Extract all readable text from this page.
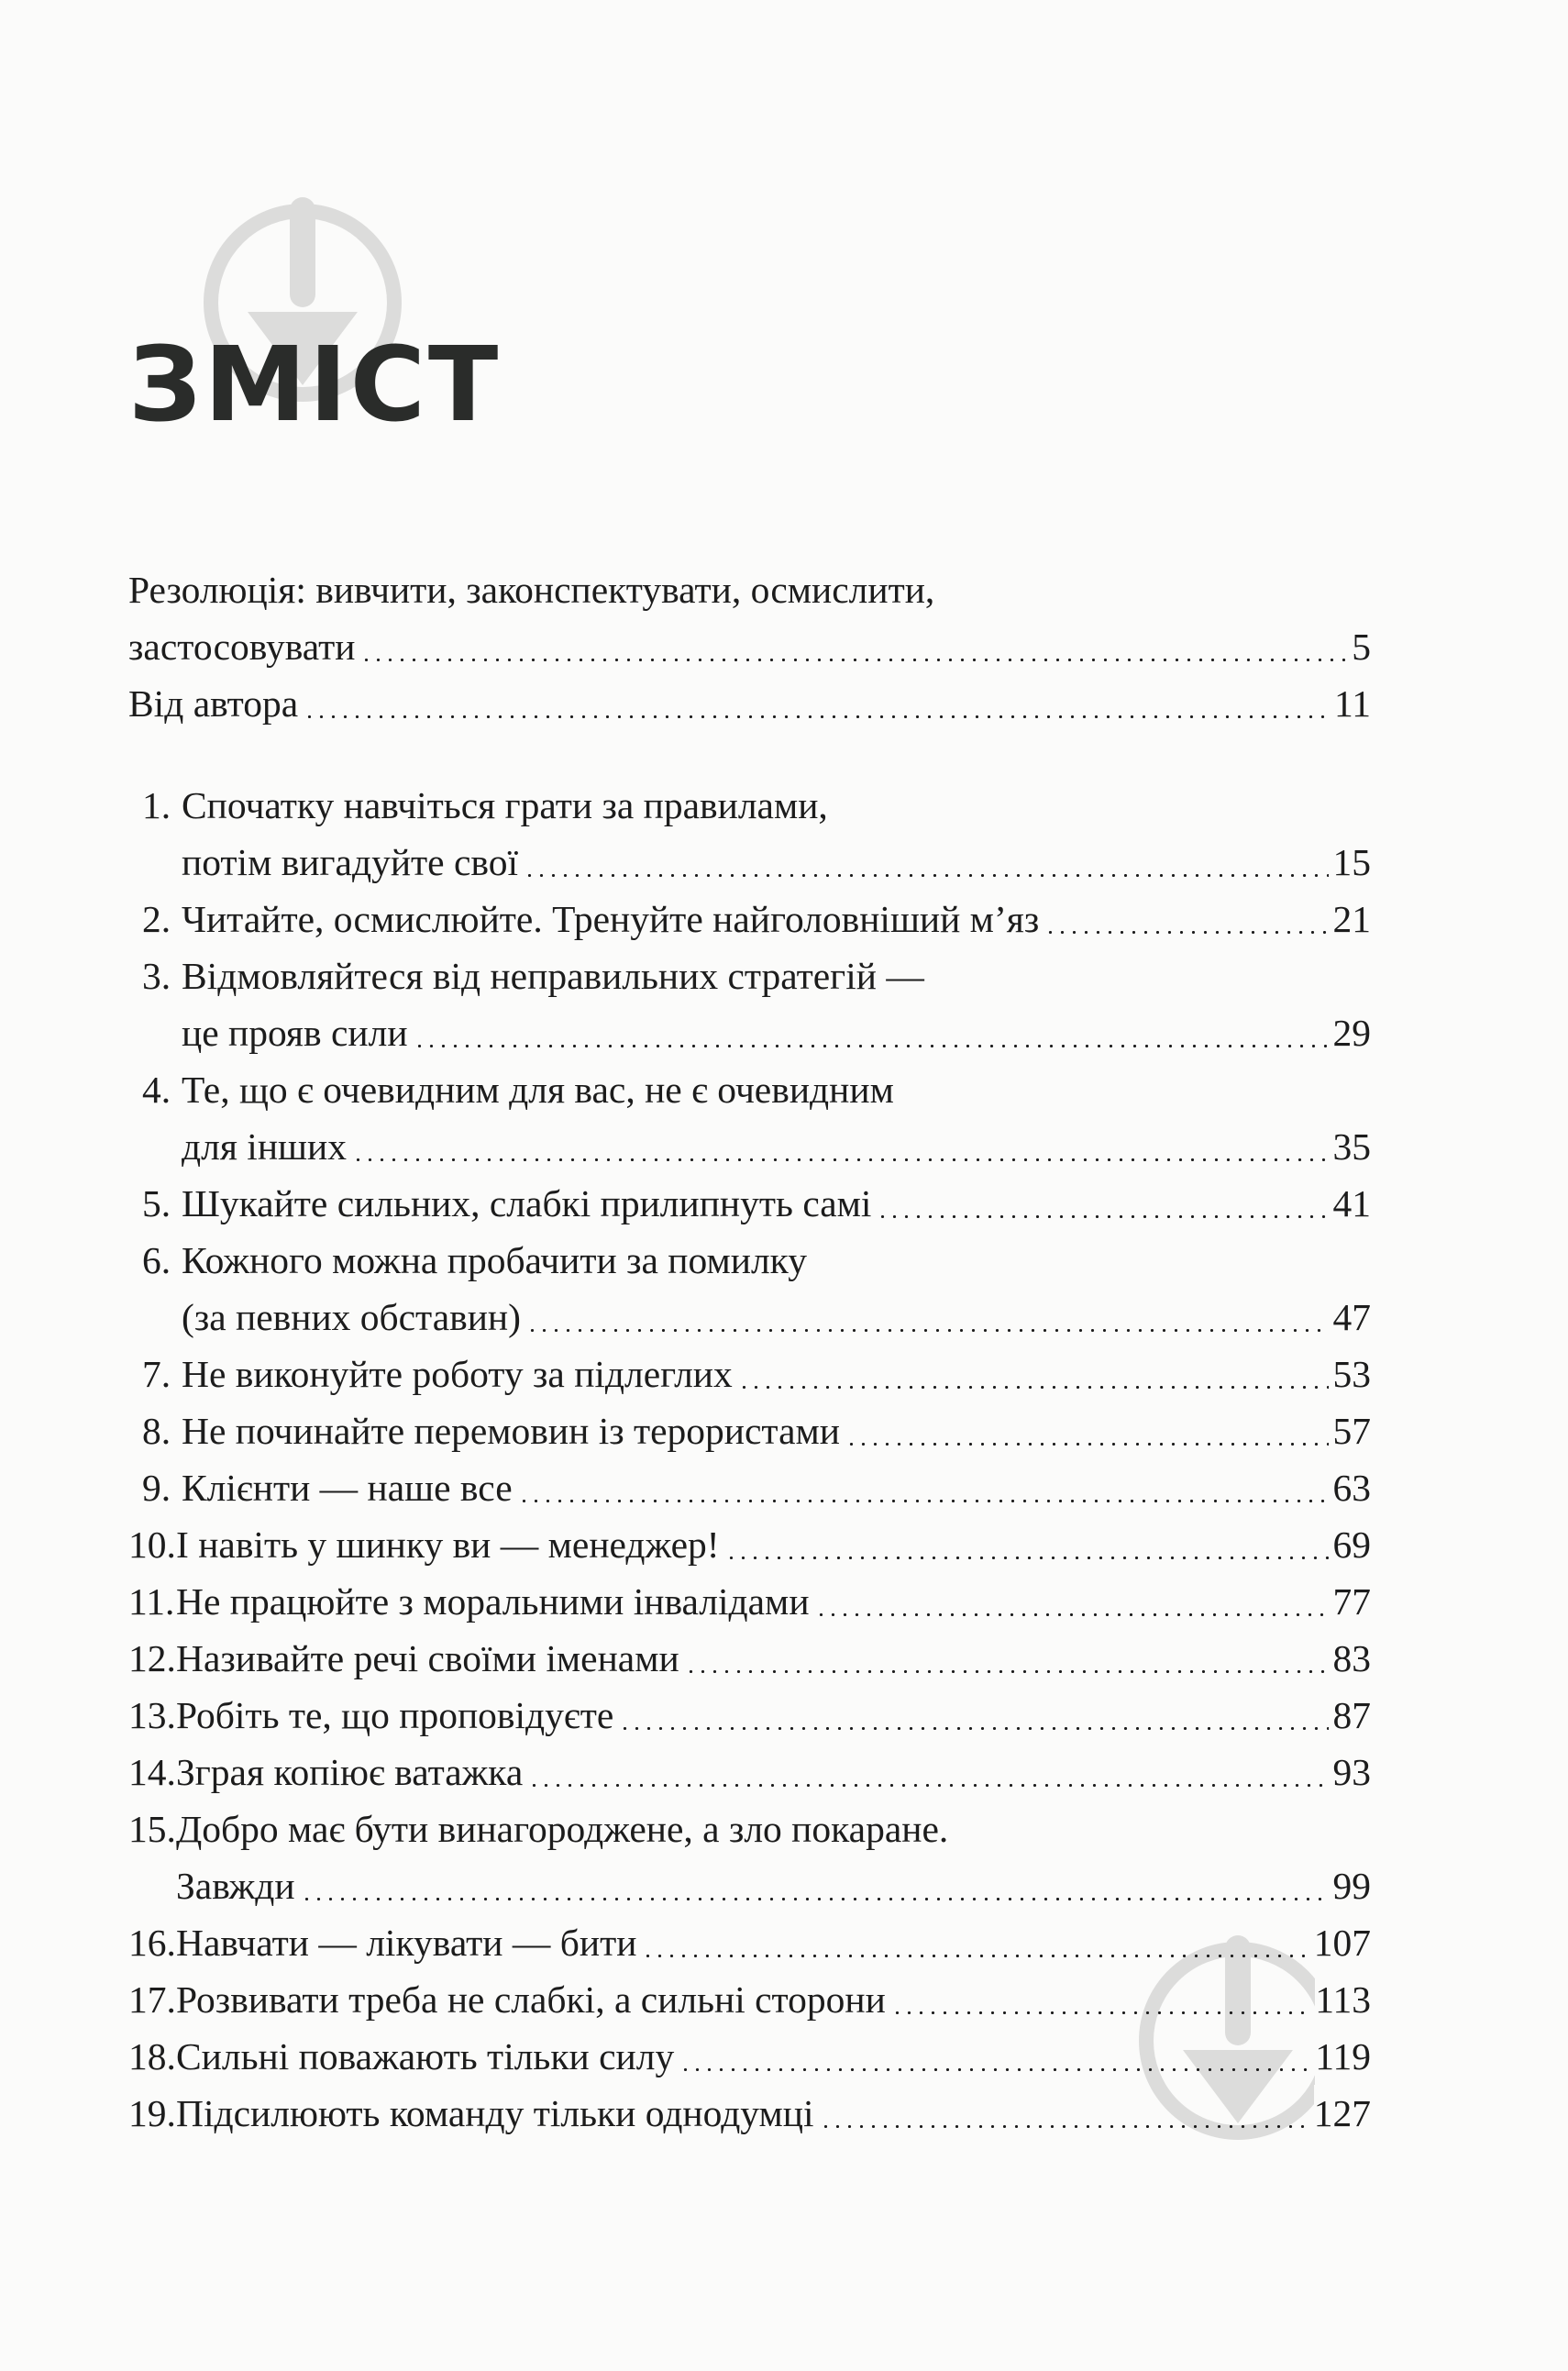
ЗМІСТ
Резолюція: вивчити, законспектувати, осмислити,
застосовувати	5
Від автора	11
1. Спочатку навчіться грати за правилами,
потім вигадуйте свої	15
2. Читайте, осмислюйте. Тренуйте найголовніший м’яз	21
3. Відмовляйтеся від неправильних стратегій —
це прояв сили	29
4. Те, що є очевидним для вас, не є очевидним
для інших	35
5. Шукайте сильних, слабкі прилипнуть самі	41
6. Кожного можна пробачити за помилку
(за певних обставин)	47
7. Не виконуйте роботу за підлеглих	53
8. Не починайте перемовин із терористами	57
9. Клієнти — наше все	63
10. І навіть у шинку ви — менеджер!	69
11. Не працюйте з моральними інвалідами	77
12. Називайте речі своїми іменами	83
13. Робіть те, що проповідуєте	87
14. Зграя копіює ватажка	93
15. Добро має бути винагороджене, а зло покаране.
Завжди	99
16. Навчати — лікувати — бити	107
17. Розвивати треба не слабкі, а сильні сторони	113
18. Сильні поважають тільки силу	119
19. Підсилюють команду тільки однодумці	127
